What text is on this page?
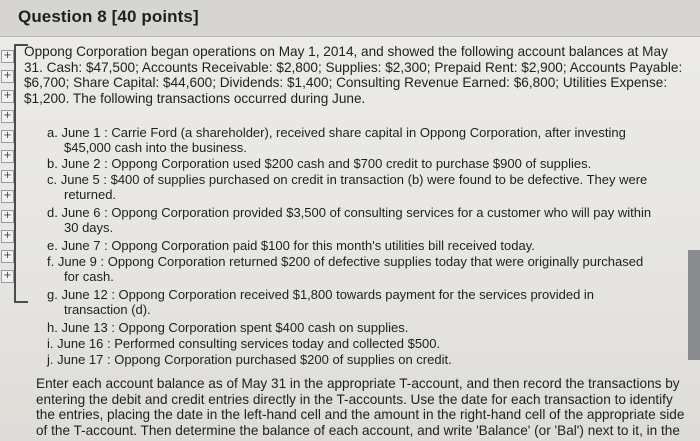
Question 8 [40 points]
+
+
+
+
+
+
+
+
+
+
+
+

Oppong Corporation began operations on May 1, 2014, and showed the following account balances at May 31. Cash: $47,500; Accounts Receivable: $2,800; Supplies: $2,300; Prepaid Rent: $2,900; Accounts Payable: $6,700; Share Capital: $44,600; Dividends: $1,400; Consulting Revenue Earned: $6,800; Utilities Expense: $1,200. The following transactions occurred during June.

a. June 1 : Carrie Ford (a shareholder), received share capital in Oppong Corporation, after investing
$45,000 cash into the business.
b. June 2 : Oppong Corporation used $200 cash and $700 credit to purchase $900 of supplies.
c. June 5 : $400 of supplies purchased on credit in transaction (b) were found to be defective. They were
returned.
d. June 6 : Oppong Corporation provided $3,500 of consulting services for a customer who will pay within
30 days.
e. June 7 : Oppong Corporation paid $100 for this month's utilities bill received today.
f. June 9 : Oppong Corporation returned $200 of defective supplies today that were originally purchased
for cash.
g. June 12 : Oppong Corporation received $1,800 towards payment for the services provided in
transaction (d).
h. June 13 : Oppong Corporation spent $400 cash on supplies.
i. June 16 : Performed consulting services today and collected $500.
j. June 17 : Oppong Corporation purchased $200 of supplies on credit.

Enter each account balance as of May 31 in the appropriate T-account, and then record the transactions by entering the debit and credit entries directly in the T-accounts. Use the date for each transaction to identify the entries, placing the date in the left-hand cell and the amount in the right-hand cell of the appropriate side of the T-account. Then determine the balance of each account, and write 'Balance' (or 'Bal') next to it, in the
